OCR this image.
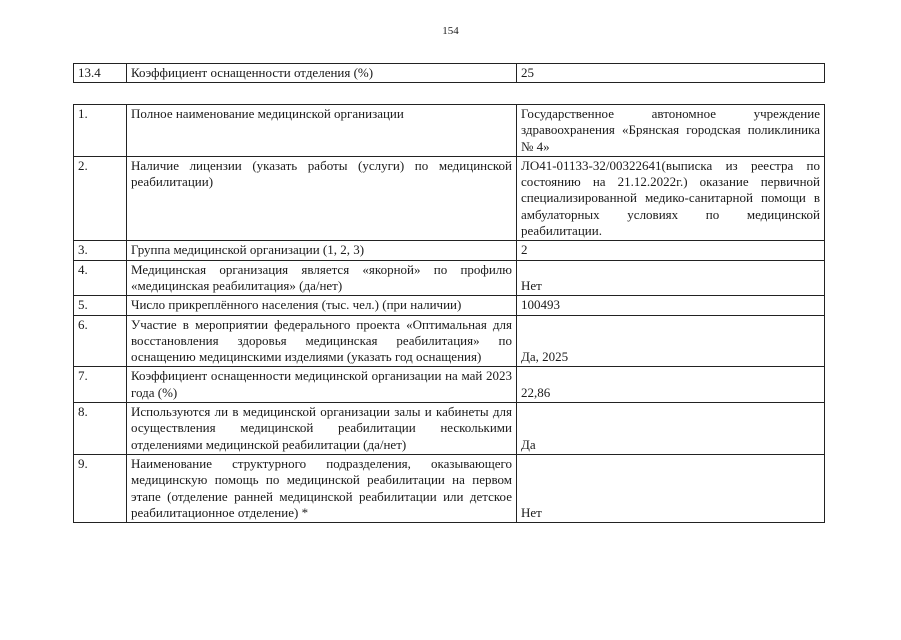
154
13.4	Коэффициент оснащенности отделения (%)	25
1.	Полное наименование медицинской организации	Государственное автономное учреждение здравоохранения «Брянская городская поликлиника № 4»
2.	Наличие лицензии (указать работы (услуги) по медицинской реабилитации)	ЛО41-01133-32/00322641(выписка из реестра по состоянию на 21.12.2022г.) оказание первичной специализированной медико-санитарной помощи в амбулаторных условиях по медицинской реабилитации.
3.	Группа медицинской организации (1, 2, 3)	2
4.	Медицинская организация является «якорной» по профилю «медицинская реабилитация» (да/нет)	Нет
5.	Число прикреплённого населения (тыс. чел.) (при наличии)	100493
6.	Участие в мероприятии федерального проекта «Оптимальная для восстановления здоровья медицинская реабилитация» по оснащению медицинскими изделиями (указать год оснащения)	Да, 2025
7.	Коэффициент оснащенности медицинской организации на май 2023 года (%)	22,86
8.	Используются ли в медицинской организации залы и кабинеты для осуществления медицинской реабилитации несколькими отделениями медицинской реабилитации (да/нет)	Да
9.	Наименование структурного подразделения, оказывающего медицинскую помощь по медицинской реабилитации на первом этапе (отделение ранней медицинской реабилитации или детское реабилитационное отделение) *	Нет
